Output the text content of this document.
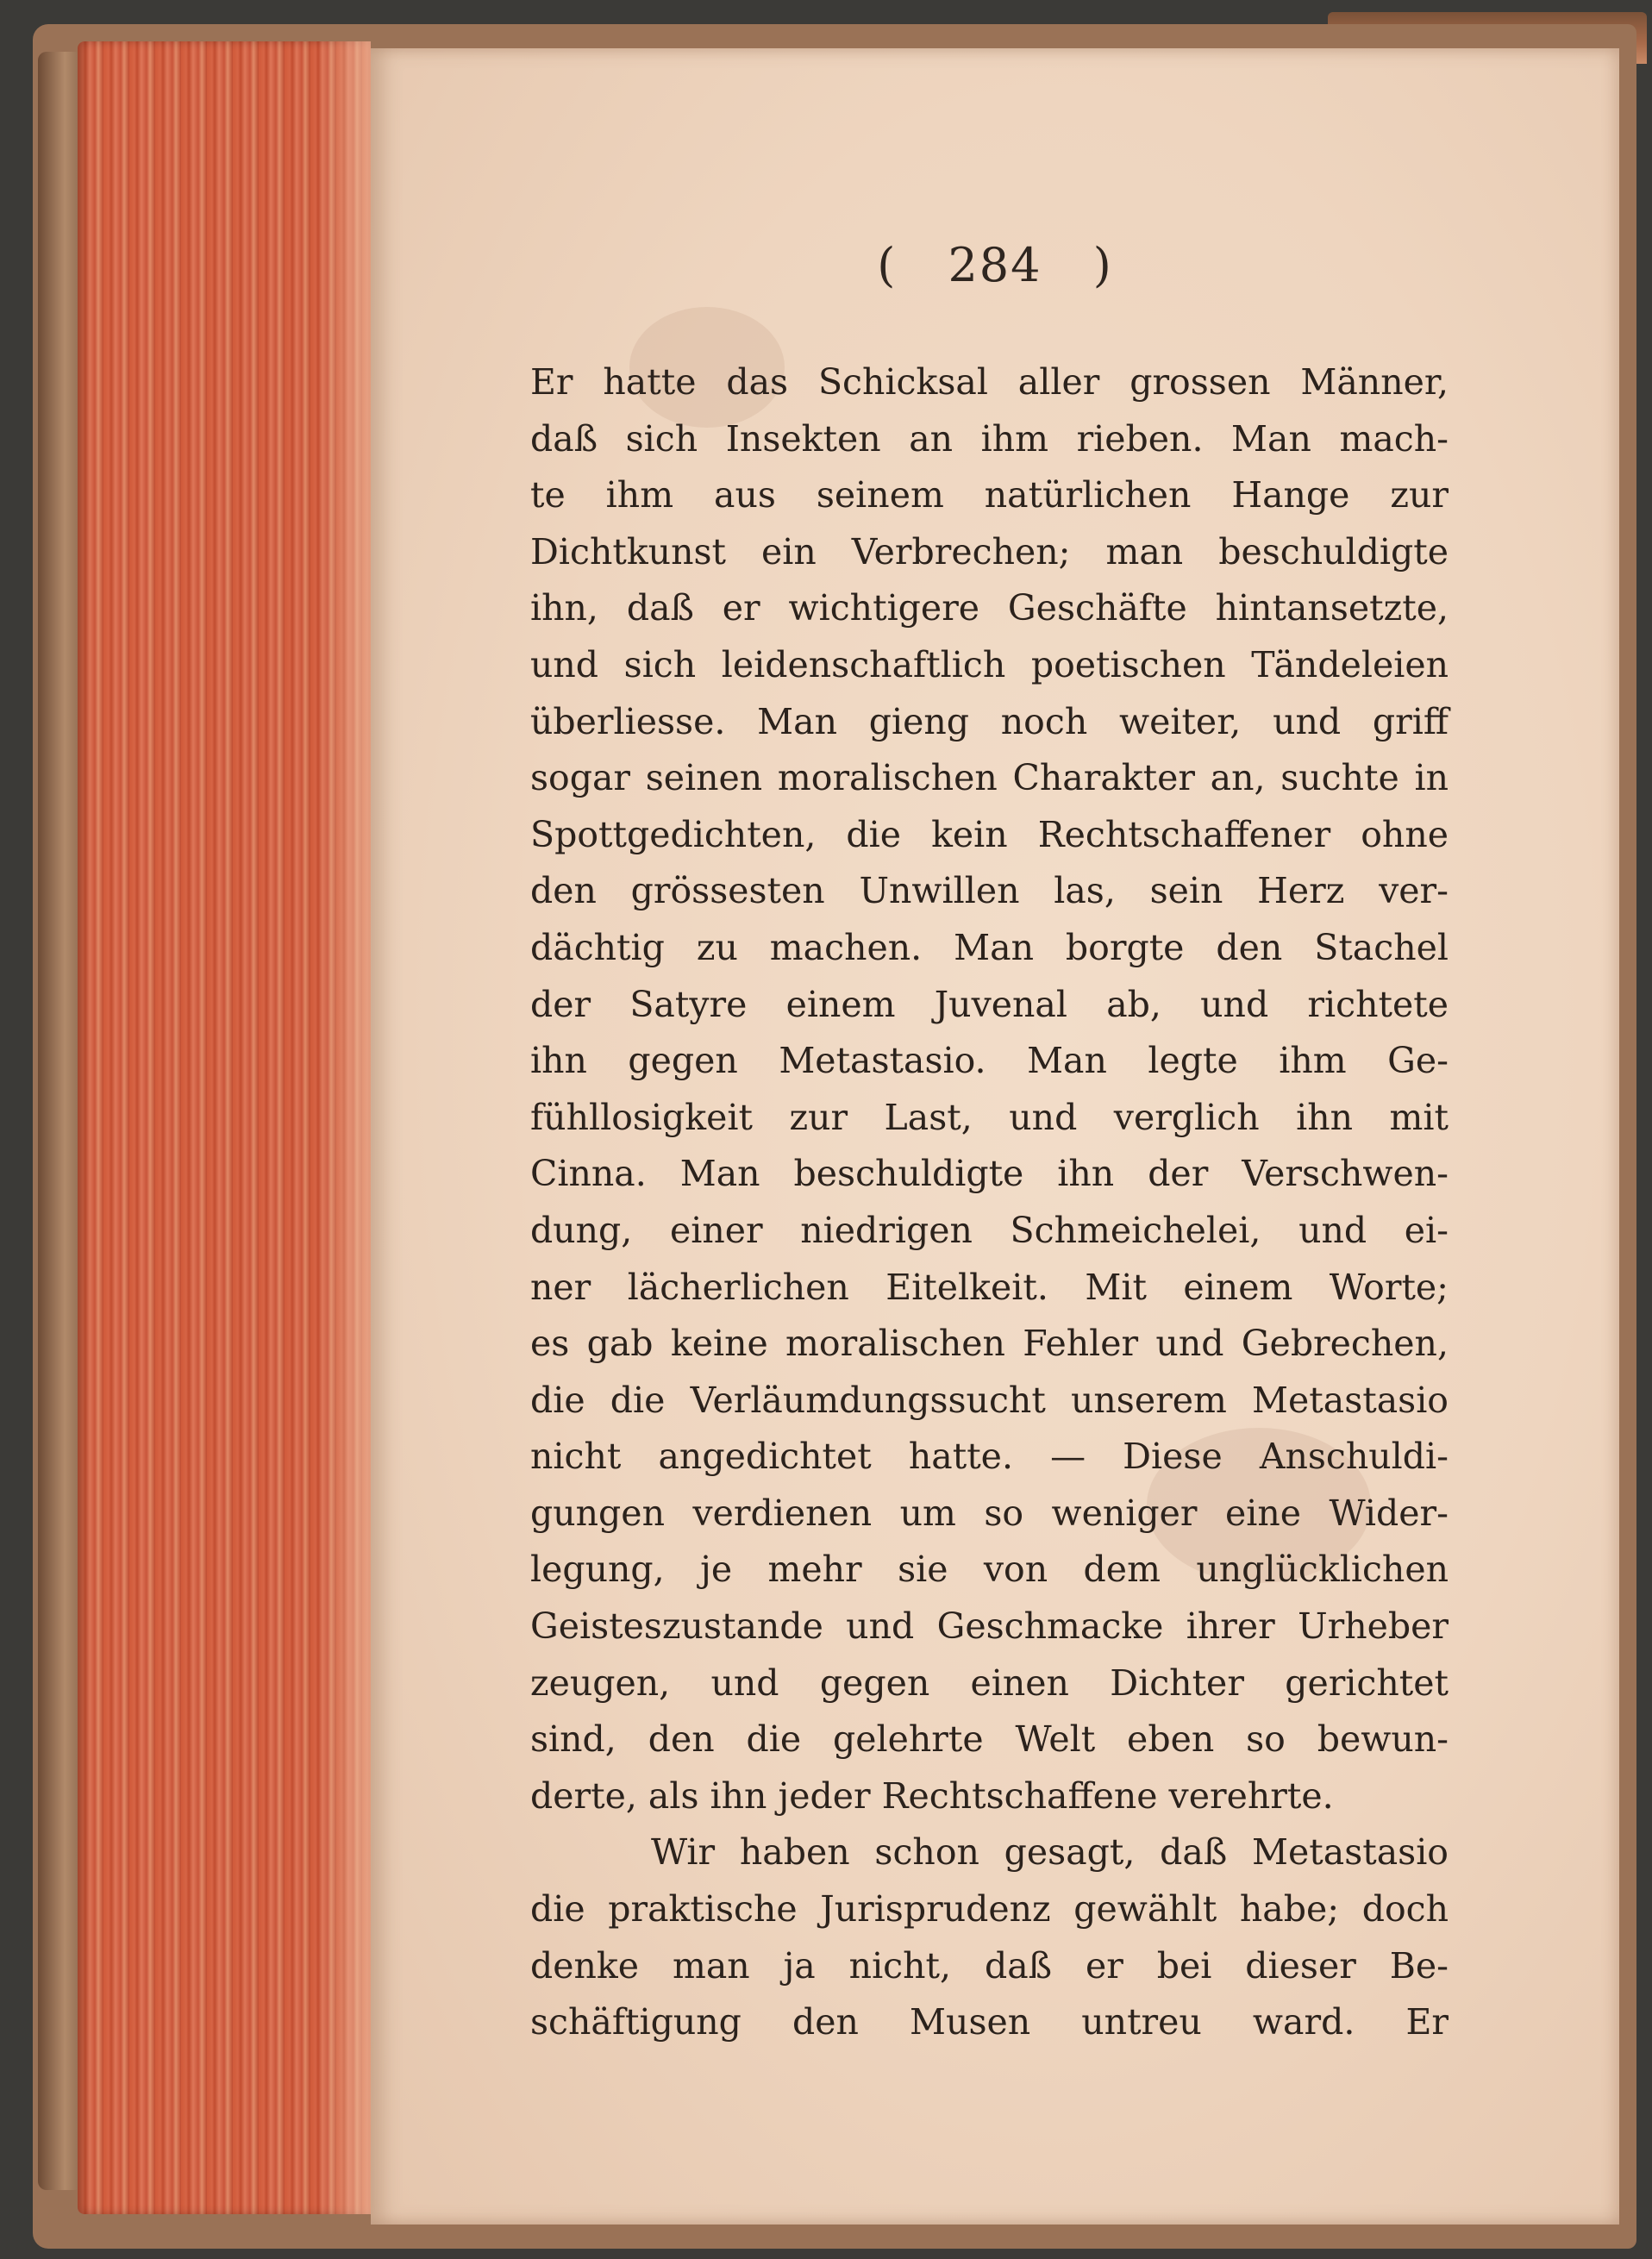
( 284 )
Er hatte das Schicksal aller grossen Männer,
daß sich Insekten an ihm rieben. Man mach-
te ihm aus seinem natürlichen Hange zur
Dichtkunst ein Verbrechen; man beschuldigte
ihn, daß er wichtigere Geschäfte hintansetzte,
und sich leidenschaftlich poetischen Tändeleien
überliesse. Man gieng noch weiter, und griff
sogar seinen moralischen Charakter an, suchte in
Spottgedichten, die kein Rechtschaffener ohne
den grössesten Unwillen las, sein Herz ver-
dächtig zu machen. Man borgte den Stachel
der Satyre einem Juvenal ab, und richtete
ihn gegen Metastasio. Man legte ihm Ge-
fühllosigkeit zur Last, und verglich ihn mit
Cinna. Man beschuldigte ihn der Verschwen-
dung, einer niedrigen Schmeichelei, und ei-
ner lächerlichen Eitelkeit. Mit einem Worte;
es gab keine moralischen Fehler und Gebrechen,
die die Verläumdungssucht unserem Metastasio
nicht angedichtet hatte. — Diese Anschuldi-
gungen verdienen um so weniger eine Wider-
legung, je mehr sie von dem unglücklichen
Geisteszustande und Geschmacke ihrer Urheber
zeugen, und gegen einen Dichter gerichtet
sind, den die gelehrte Welt eben so bewun-
derte, als ihn jeder Rechtschaffene verehrte.
Wir haben schon gesagt, daß Metastasio
die praktische Jurisprudenz gewählt habe; doch
denke man ja nicht, daß er bei dieser Be-
schäftigung den Musen untreu ward. Er
